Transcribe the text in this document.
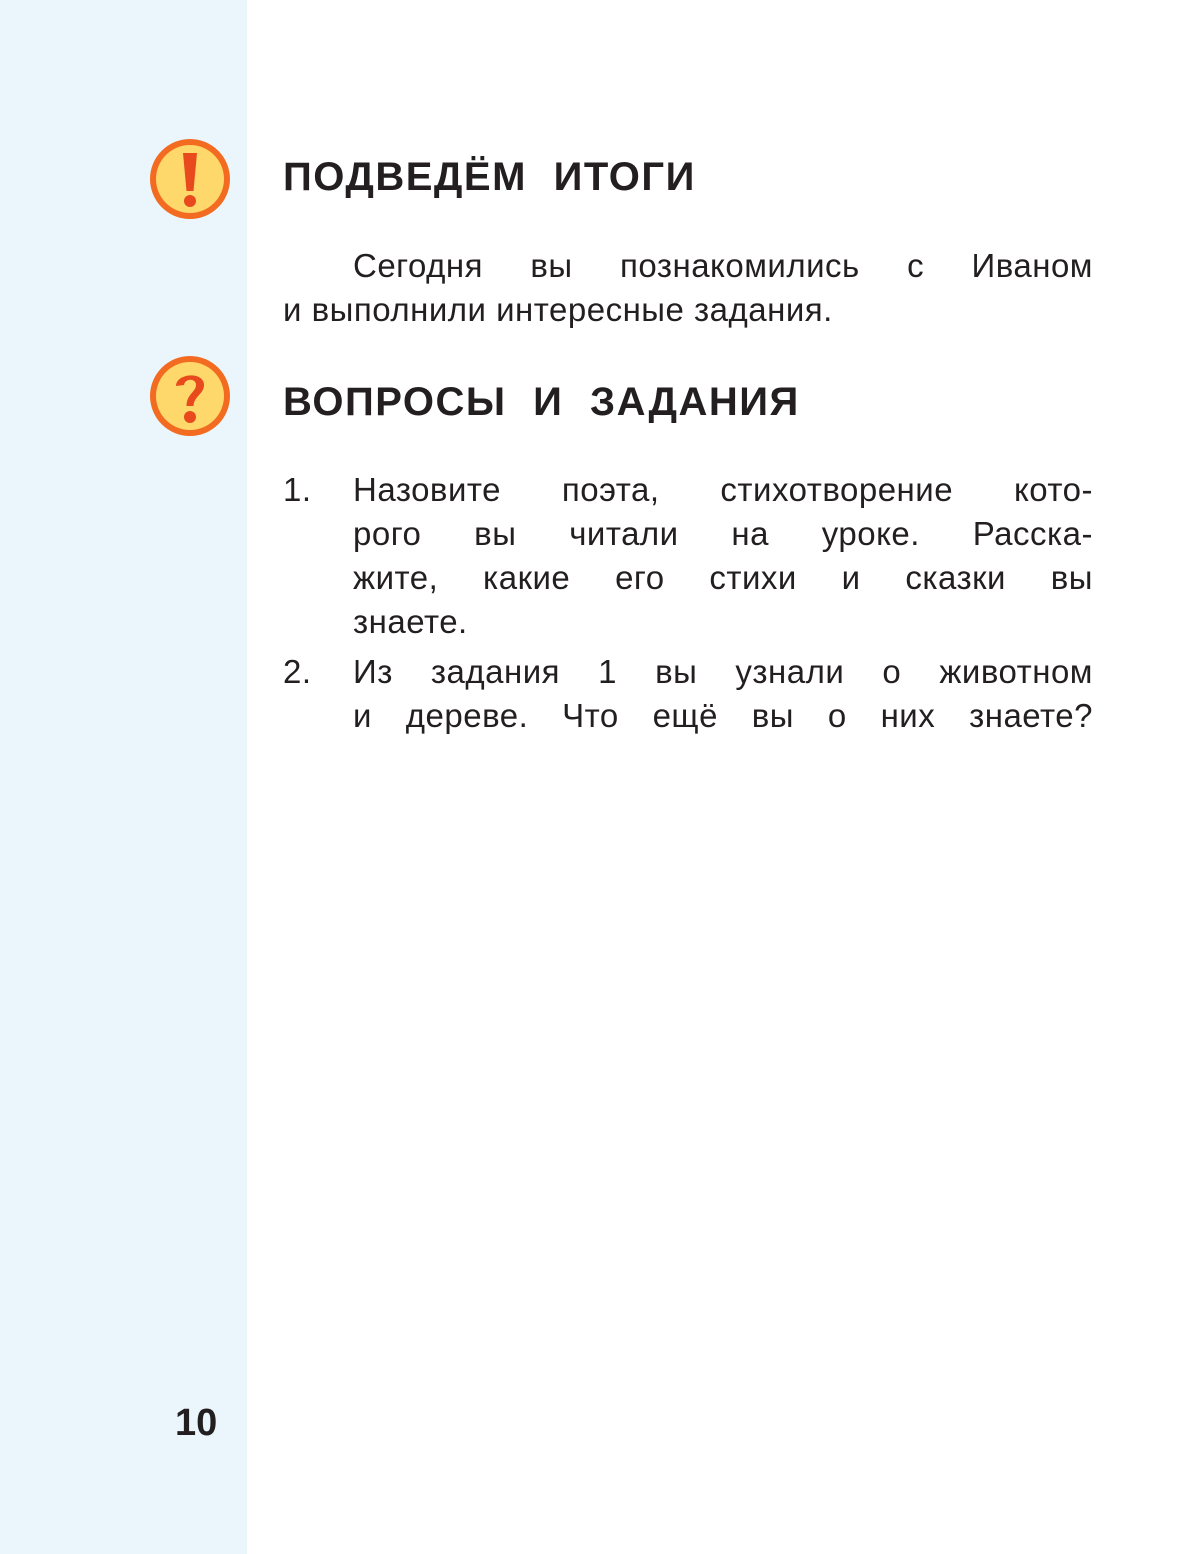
ПОДВЕДЁМ ИТОГИ

Сегодня вы познакомились с Иваном
и выполнили интересные задания.

ВОПРОСЫ И ЗАДАНИЯ
1.	Назовите поэта, стихотворение кото-
рого вы читали на уроке. Расска-
жите, какие его стихи и сказки вы
знаете.
2.	Из задания 1 вы узнали о животном
и дереве. Что ещё вы о них знаете?
10
